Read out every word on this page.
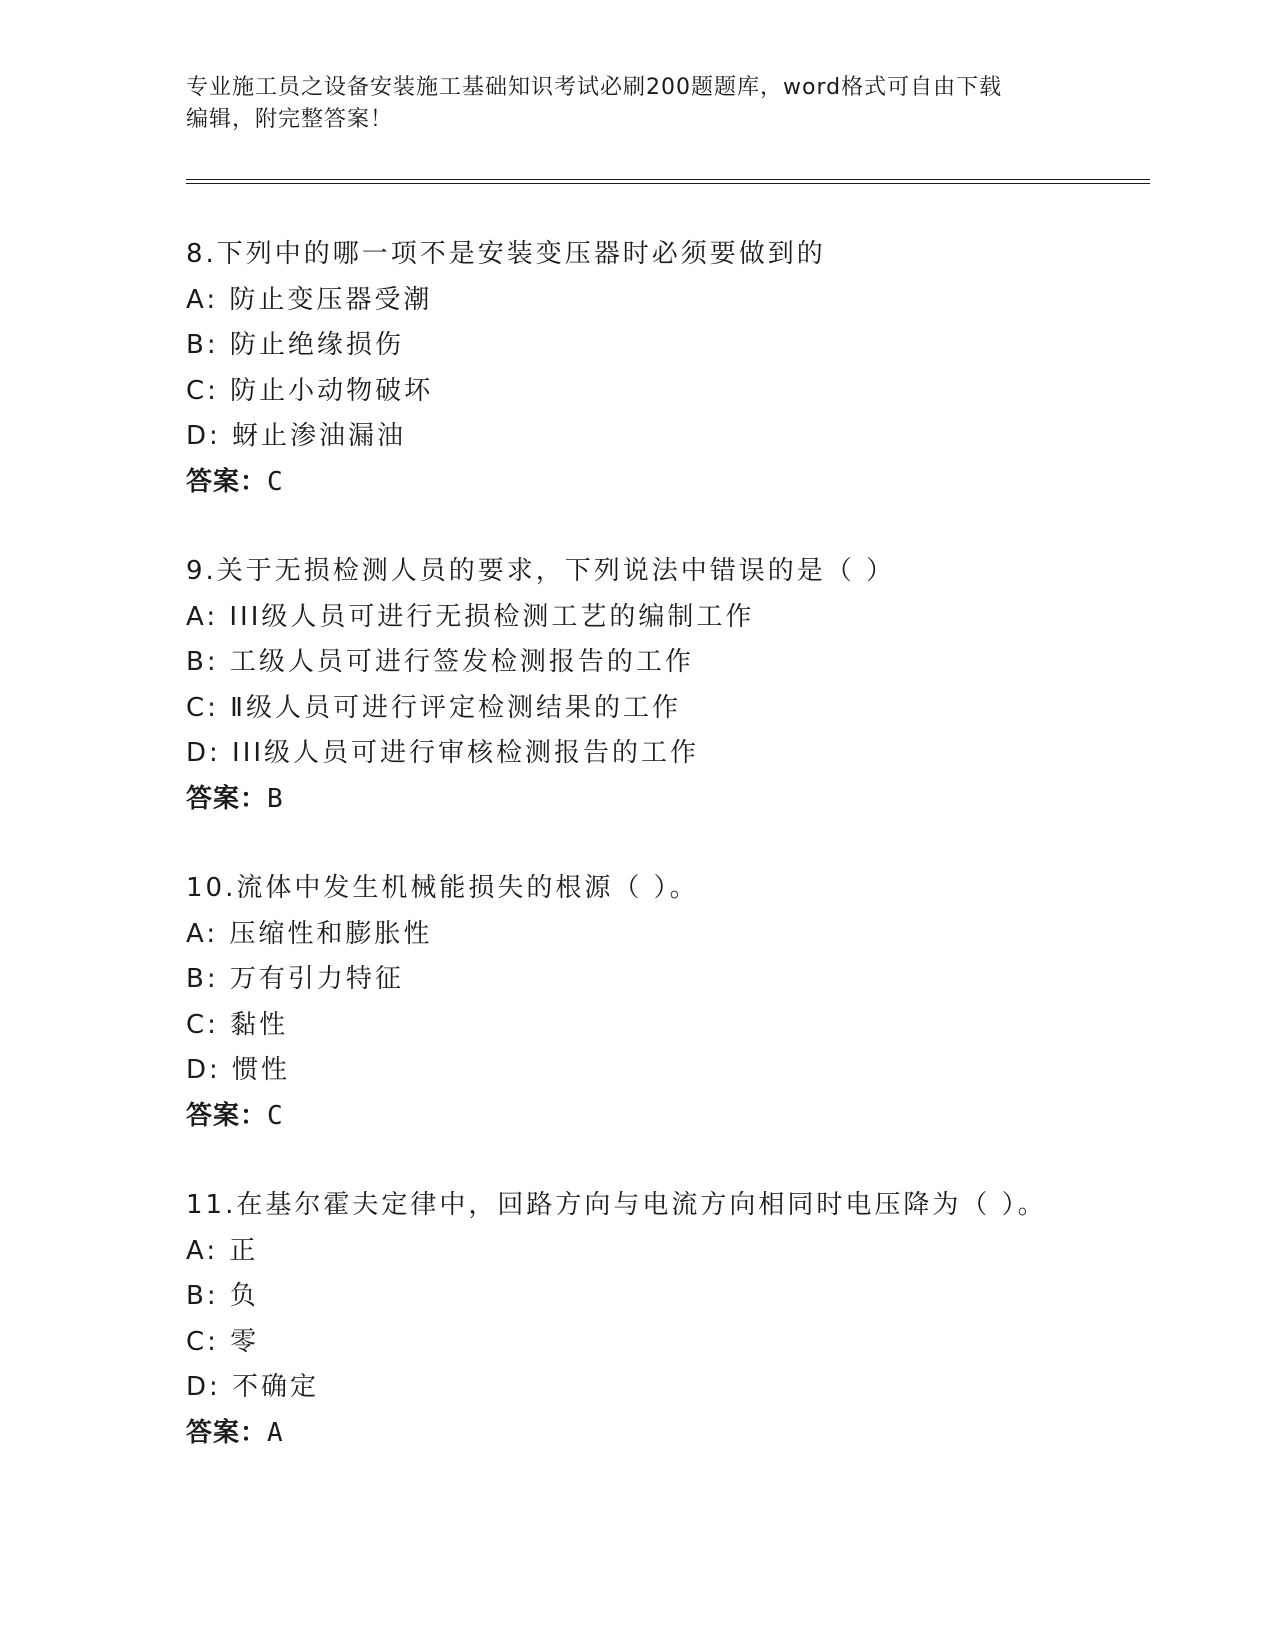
专业施工员之设备安装施工基础知识考试必刷200题题库，word格式可自由下载
编辑，附完整答案！
8.下列中的哪一项不是安装变压器时必须要做到的
A: 防止变压器受潮
B: 防止绝缘损伤
C: 防止小动物破坏
D: 蚜止渗油漏油
答案：C
9.关于无损检测人员的要求，下列说法中错误的是（ ）
A: III级人员可进行无损检测工艺的编制工作
B: 工级人员可进行签发检测报告的工作
C: Ⅱ级人员可进行评定检测结果的工作
D: III级人员可进行审核检测报告的工作
答案：B
10.流体中发生机械能损失的根源（ ）。
A: 压缩性和膨胀性
B: 万有引力特征
C: 黏性
D: 惯性
答案：C
11.在基尔霍夫定律中，回路方向与电流方向相同时电压降为（ ）。
A: 正
B: 负
C: 零
D: 不确定
答案：A
